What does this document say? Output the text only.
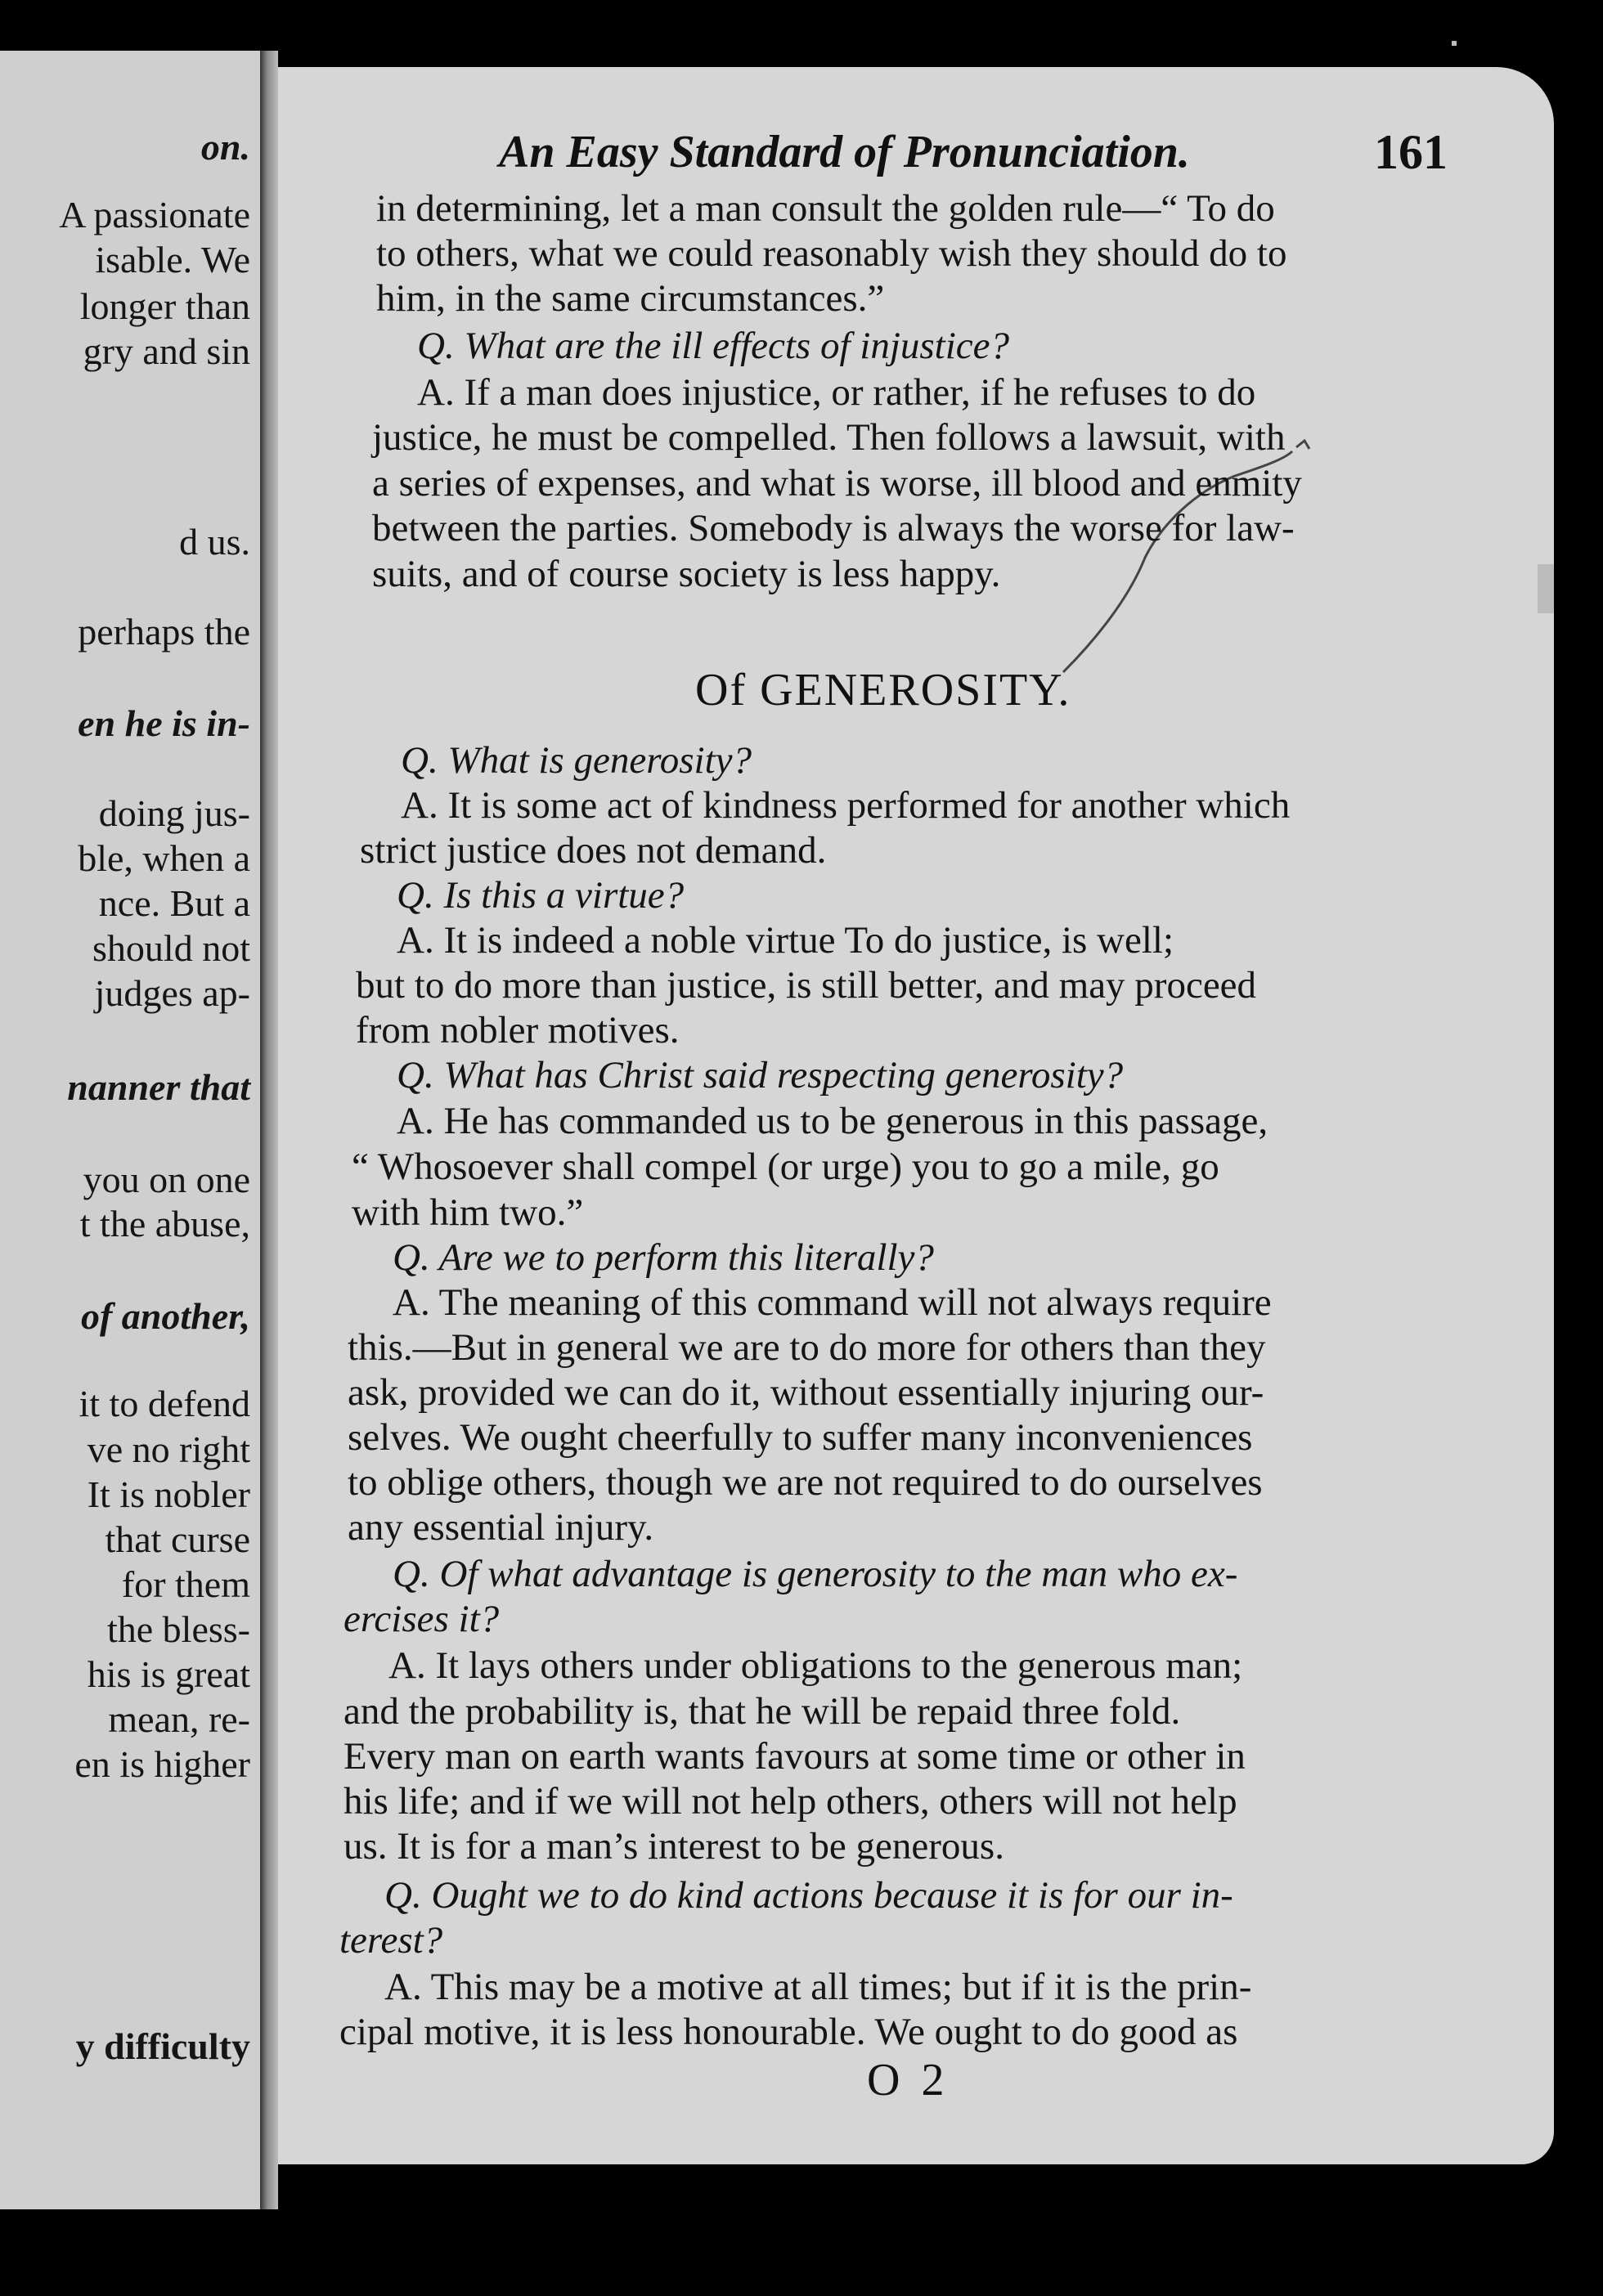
on.
A passionate
isable. We
longer than
gry and sin
d us.
perhaps the
en he is in-
doing jus-
ble, when a
nce. But a
should not
judges ap-
nanner that
you on one
t the abuse,
of another,
it to defend
ve no right
It is nobler
that curse
for them
the bless-
his is great
mean, re-
en is higher
y difficulty
An Easy Standard of Pronunciation.	161
in determining, let a man consult the golden rule—“ To do
to others, what we could reasonably wish they should do to
him, in the same circumstances.”
Q. What are the ill effects of injustice?
A. If a man does injustice, or rather, if he refuses to do
justice, he must be compelled. Then follows a lawsuit, with
a series of expenses, and what is worse, ill blood and enmity
between the parties. Somebody is always the worse for law-
suits, and of course society is less happy.
Of GENEROSITY.
Q. What is generosity?
A. It is some act of kindness performed for another which
strict justice does not demand.
Q. Is this a virtue?
A. It is indeed a noble virtue To do justice, is well;
but to do more than justice, is still better, and may proceed
from nobler motives.
Q. What has Christ said respecting generosity?
A. He has commanded us to be generous in this passage,
“ Whosoever shall compel (or urge) you to go a mile, go
with him two.”
Q. Are we to perform this literally?
A. The meaning of this command will not always require
this.—But in general we are to do more for others than they
ask, provided we can do it, without essentially injuring our-
selves. We ought cheerfully to suffer many inconveniences
to oblige others, though we are not required to do ourselves
any essential injury.
Q. Of what advantage is generosity to the man who ex-
ercises it?
A. It lays others under obligations to the generous man;
and the probability is, that he will be repaid three fold.
Every man on earth wants favours at some time or other in
his life; and if we will not help others, others will not help
us. It is for a man’s interest to be generous.
Q. Ought we to do kind actions because it is for our in-
terest?
A. This may be a motive at all times; but if it is the prin-
cipal motive, it is less honourable. We ought to do good as
O 2
